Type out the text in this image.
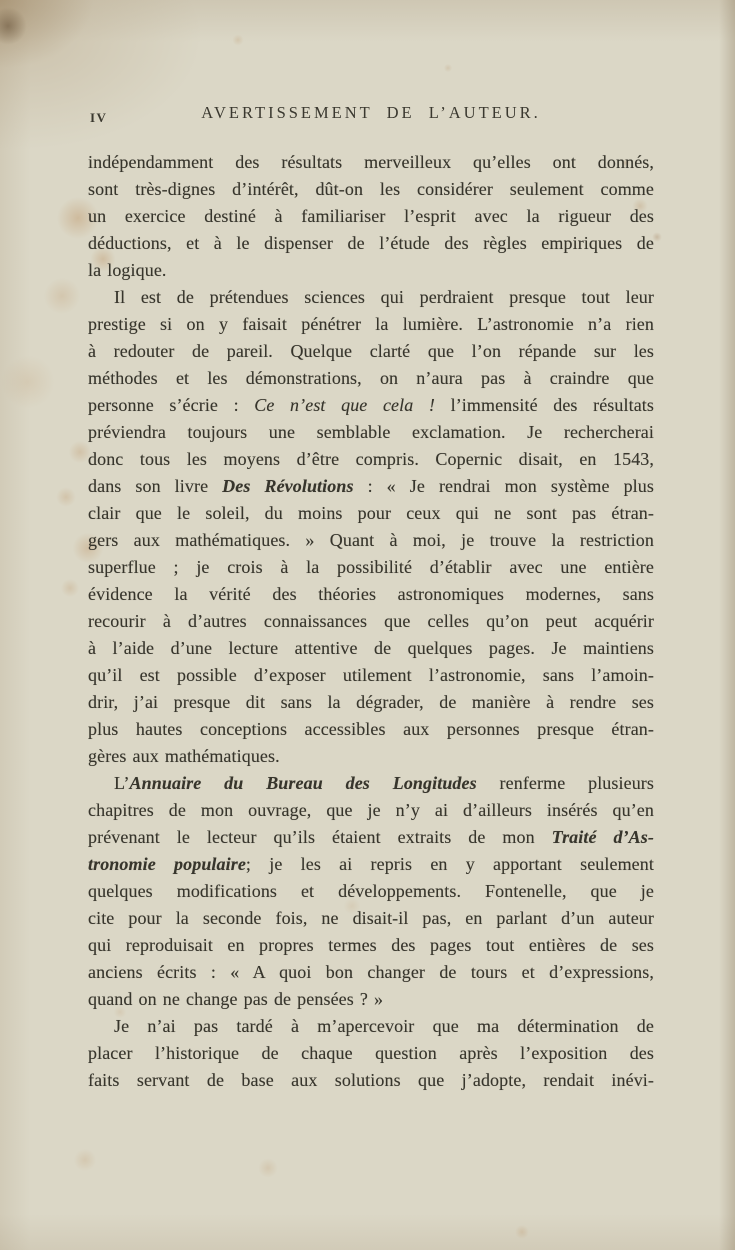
IV	AVERTISSEMENT DE L’AUTEUR.
indépendamment des résultats merveilleux qu’elles ont donnés,
sont très-dignes d’intérêt, dût-on les considérer seulement comme
un exercice destiné à familiariser l’esprit avec la rigueur des
déductions, et à le dispenser de l’étude des règles empiriques de
la logique.
Il est de prétendues sciences qui perdraient presque tout leur
prestige si on y faisait pénétrer la lumière. L’astronomie n’a rien
à redouter de pareil. Quelque clarté que l’on répande sur les
méthodes et les démonstrations, on n’aura pas à craindre que
personne s’écrie : Ce n’est que cela ! l’immensité des résultats
préviendra toujours une semblable exclamation. Je rechercherai
donc tous les moyens d’être compris. Copernic disait, en 1543,
dans son livre Des Révolutions : « Je rendrai mon système plus
clair que le soleil, du moins pour ceux qui ne sont pas étran-
gers aux mathématiques. » Quant à moi, je trouve la restriction
superflue ; je crois à la possibilité d’établir avec une entière
évidence la vérité des théories astronomiques modernes, sans
recourir à d’autres connaissances que celles qu’on peut acquérir
à l’aide d’une lecture attentive de quelques pages. Je maintiens
qu’il est possible d’exposer utilement l’astronomie, sans l’amoin-
drir, j’ai presque dit sans la dégrader, de manière à rendre ses
plus hautes conceptions accessibles aux personnes presque étran-
gères aux mathématiques.
L’Annuaire du Bureau des Longitudes renferme plusieurs
chapitres de mon ouvrage, que je n’y ai d’ailleurs insérés qu’en
prévenant le lecteur qu’ils étaient extraits de mon Traité d’As-
tronomie populaire; je les ai repris en y apportant seulement
quelques modifications et développements. Fontenelle, que je
cite pour la seconde fois, ne disait-il pas, en parlant d’un auteur
qui reproduisait en propres termes des pages tout entières de ses
anciens écrits : « A quoi bon changer de tours et d’expressions,
quand on ne change pas de pensées ? »
Je n’ai pas tardé à m’apercevoir que ma détermination de
placer l’historique de chaque question après l’exposition des
faits servant de base aux solutions que j’adopte, rendait inévi-
